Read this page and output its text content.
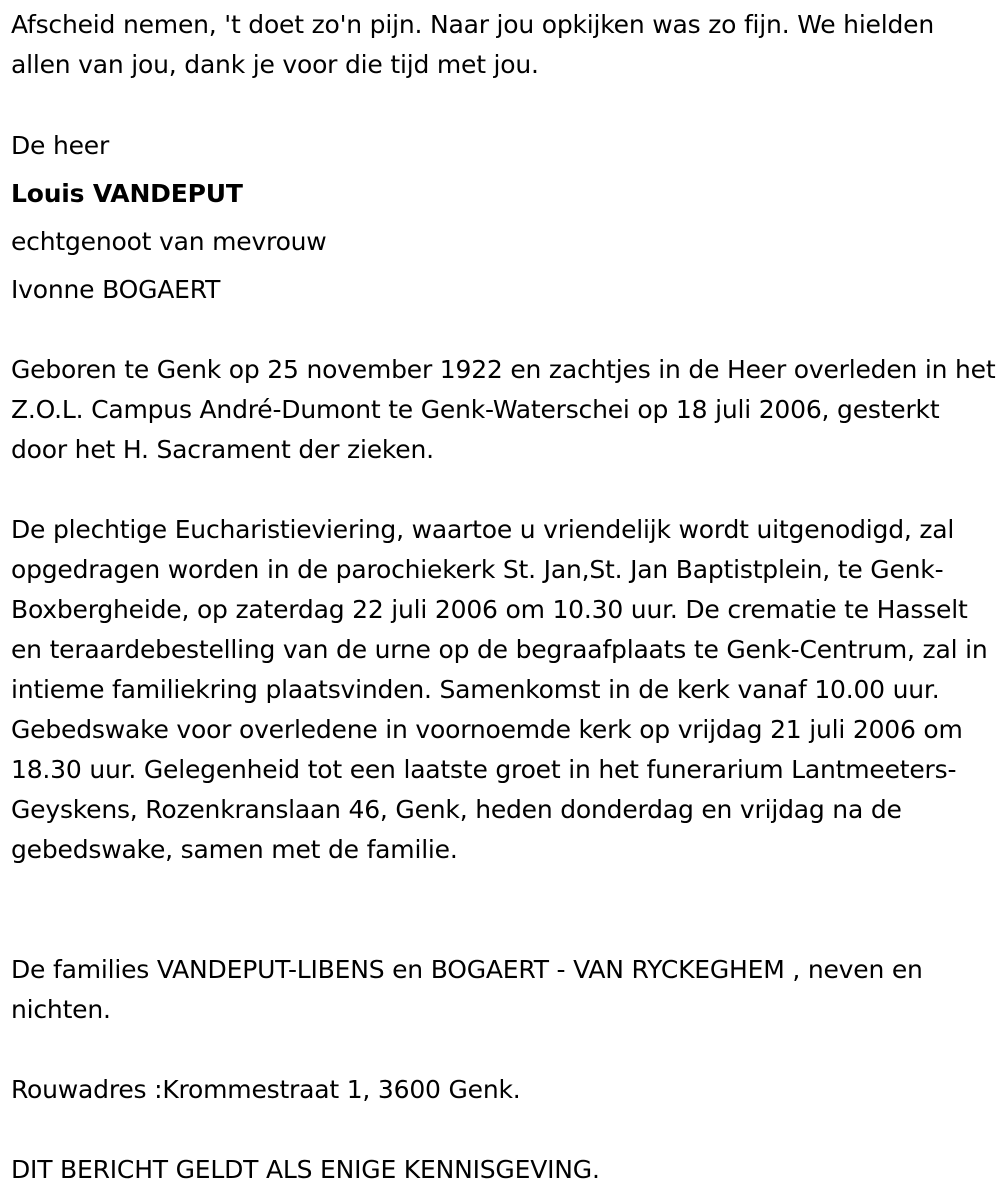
Afscheid nemen, 't doet zo'n pijn. Naar jou opkijken was zo fijn. We hielden allen van jou, dank je voor die tijd met jou.

De heer

Louis VANDEPUT

echtgenoot van mevrouw

Ivonne BOGAERT

Geboren te Genk op 25 november 1922 en zachtjes in de Heer overleden in het Z.O.L. Campus André-Dumont te Genk-Waterschei op 18 juli 2006, gesterkt door het H. Sacrament der zieken.

De plechtige Eucharistieviering, waartoe u vriendelijk wordt uitgenodigd, zal opgedragen worden in de parochiekerk St. Jan,St. Jan Baptistplein, te Genk-Boxbergheide, op zaterdag 22 juli 2006 om 10.30 uur. De crematie te Hasselt en teraardebestelling van de urne op de begraafplaats te Genk-Centrum, zal in intieme familiekring plaatsvinden. Samenkomst in de kerk vanaf 10.00 uur. Gebedswake voor overledene in voornoemde kerk op vrijdag 21 juli 2006 om 18.30 uur. Gelegenheid tot een laatste groet in het funerarium Lantmeeters-Geyskens, Rozenkranslaan 46, Genk, heden donderdag en vrijdag na de gebedswake, samen met de familie.

De families VANDEPUT-LIBENS en BOGAERT - VAN RYCKEGHEM , neven en nichten.

Rouwadres :Krommestraat 1, 3600 Genk.

DIT BERICHT GELDT ALS ENIGE KENNISGEVING.
